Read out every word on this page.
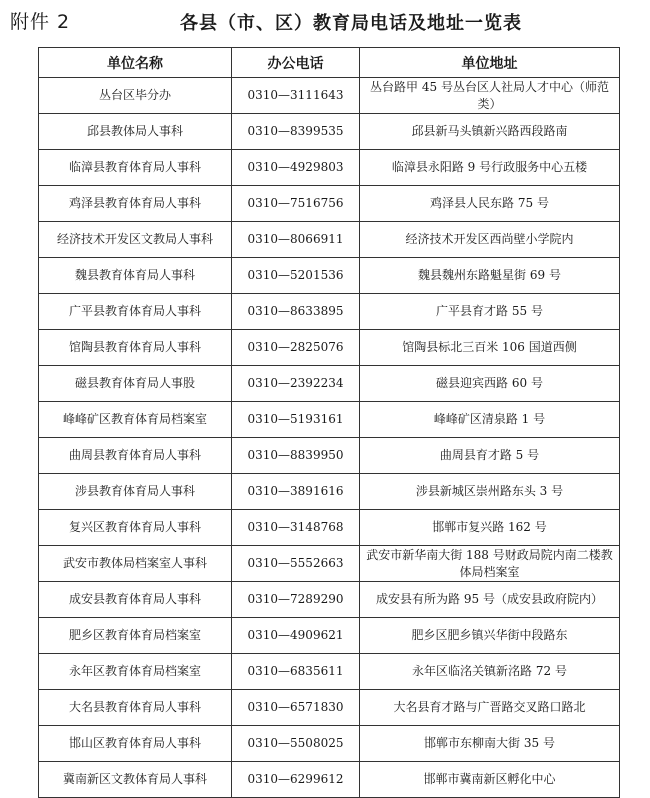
附件 2	各县（市、区）教育局电话及地址一览表
单位名称	办公电话	单位地址
丛台区毕分办	0310—3111643	丛台路甲 45 号丛台区人社局人才中心（师范类）
邱县教体局人事科	0310—8399535	邱县新马头镇新兴路西段路南
临漳县教育体育局人事科	0310—4929803	临漳县永阳路 9 号行政服务中心五楼
鸡泽县教育体育局人事科	0310—7516756	鸡泽县人民东路 75 号
经济技术开发区文教局人事科	0310—8066911	经济技术开发区西尚壁小学院内
魏县教育体育局人事科	0310—5201536	魏县魏州东路魁星街 69 号
广平县教育体育局人事科	0310—8633895	广平县育才路 55 号
馆陶县教育体育局人事科	0310—2825076	馆陶县标北三百米 106 国道西侧
磁县教育体育局人事股	0310—2392234	磁县迎宾西路 60 号
峰峰矿区教育体育局档案室	0310—5193161	峰峰矿区清泉路 1 号
曲周县教育体育局人事科	0310—8839950	曲周县育才路 5 号
涉县教育体育局人事科	0310—3891616	涉县新城区崇州路东头 3 号
复兴区教育体育局人事科	0310—3148768	邯郸市复兴路 162 号
武安市教体局档案室人事科	0310—5552663	武安市新华南大街 188 号财政局院内南二楼教体局档案室
成安县教育体育局人事科	0310—7289290	成安县有所为路 95 号（成安县政府院内）
肥乡区教育体育局档案室	0310—4909621	肥乡区肥乡镇兴华街中段路东
永年区教育体育局档案室	0310—6835611	永年区临洺关镇新洺路 72 号
大名县教育体育局人事科	0310—6571830	大名县育才路与广晋路交叉路口路北
邯山区教育体育局人事科	0310—5508025	邯郸市东柳南大街 35 号
冀南新区文教体育局人事科	0310—6299612	邯郸市冀南新区孵化中心
